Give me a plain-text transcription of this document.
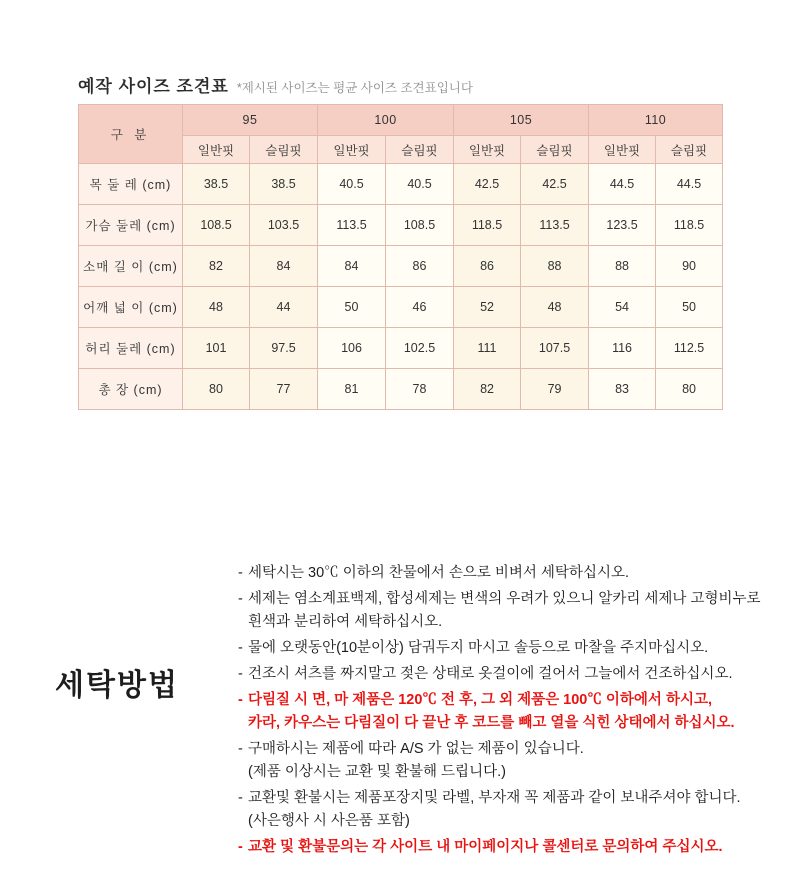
예작 사이즈 조견표 *제시된 사이즈는 평균 사이즈 조견표입니다
구 분	95		100		105		110	
	일반핏	슬림핏	일반핏	슬림핏	일반핏	슬림핏	일반핏	슬림핏
목 둘 레 (cm)	38.5	38.5	40.5	40.5	42.5	42.5	44.5	44.5
가슴 둘레 (cm)	108.5	103.5	113.5	108.5	118.5	113.5	123.5	118.5
소매 길 이 (cm)	82	84	84	86	86	88	88	90
어깨 넓 이 (cm)	48	44	50	46	52	48	54	50
허리 둘레 (cm)	101	97.5	106	102.5	111	107.5	116	112.5
총 장 (cm)	80	77	81	78	82	79	83	80
세탁방법
- 세탁시는 30℃ 이하의 찬물에서 손으로 비벼서 세탁하십시오.
- 세제는 염소계표백제, 합성세제는 변색의 우려가 있으니 알카리 세제나 고형비누로
흰색과 분리하여 세탁하십시오.
- 물에 오랫동안(10분이상) 담궈두지 마시고 솔등으로 마찰을 주지마십시오.
- 건조시 셔츠를 짜지말고 젖은 상태로 옷걸이에 걸어서 그늘에서 건조하십시오.
- 다림질 시 면, 마 제품은 120℃ 전 후, 그 외 제품은 100℃ 이하에서 하시고,
카라, 카우스는 다림질이 다 끝난 후 코드를 빼고 열을 식힌 상태에서 하십시오.
- 구매하시는 제품에 따라 A/S 가 없는 제품이 있습니다.
(제품 이상시는 교환 및 환불해 드립니다.)
- 교환및 환불시는 제품포장지및 라벨, 부자재 꼭 제품과 같이 보내주셔야 합니다.
(사은행사 시 사은품 포함)
- 교환 및 환불문의는 각 사이트 내 마이페이지나 콜센터로 문의하여 주십시오.
